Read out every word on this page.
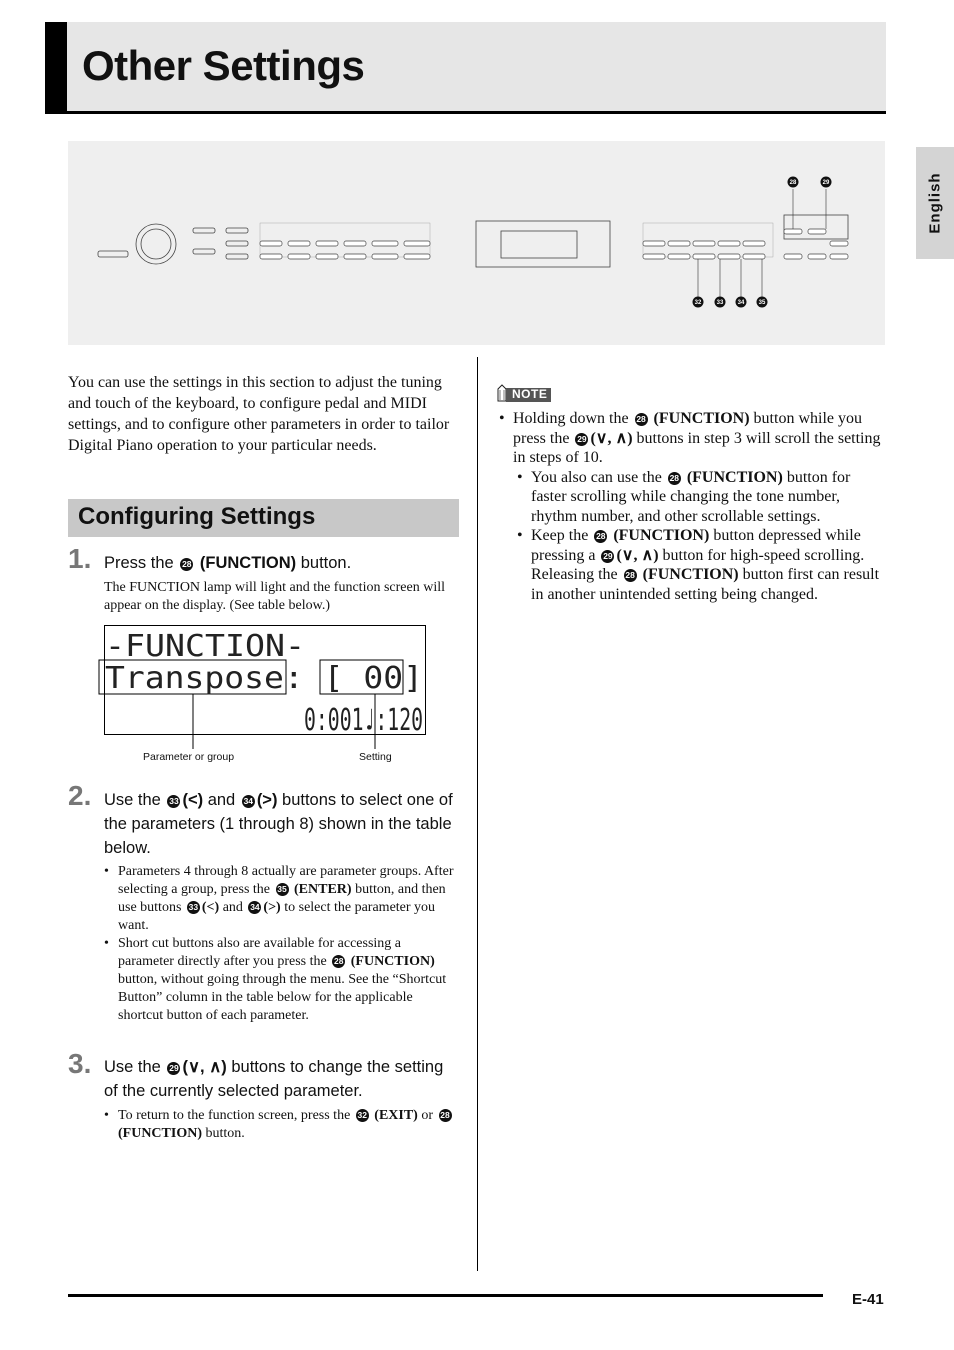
Other Settings
English
28	29
32	33 34 35
You can use the settings in this section to adjust the tuning and touch of the keyboard, to configure pedal and MIDI settings, and to configure other parameters in order to tailor Digital Piano operation to your particular needs.
Configuring Settings
1. Press the 28 (FUNCTION) button.
The FUNCTION lamp will light and the function screen will appear on the display. (See table below.)
-FUNCTION-
Transpose: [ 00]
0:001♩:120
Parameter or group	Setting
2. Use the 33 (<) and 34 (>) buttons to select one of the parameters (1 through 8) shown in the table below.
• Parameters 4 through 8 actually are parameter groups. After selecting a group, press the 35 (ENTER) button, and then use buttons 33 (<) and 34 (>) to select the parameter you want.
• Short cut buttons also are available for accessing a parameter directly after you press the 28 (FUNCTION) button, without going through the menu. See the “Shortcut Button” column in the table below for the applicable shortcut button of each parameter.
3. Use the 29 (∨, ∧) buttons to change the setting of the currently selected parameter.
• To return to the function screen, press the 32 (EXIT) or 28 (FUNCTION) button.
NOTE
• Holding down the 28 (FUNCTION) button while you press the 29 (∨, ∧) buttons in step 3 will scroll the setting in steps of 10.
• You also can use the 28 (FUNCTION) button for faster scrolling while changing the tone number, rhythm number, and other scrollable settings.
• Keep the 28 (FUNCTION) button depressed while pressing a 29 (∨, ∧) button for high-speed scrolling. Releasing the 28 (FUNCTION) button first can result in another unintended setting being changed.
E-41
